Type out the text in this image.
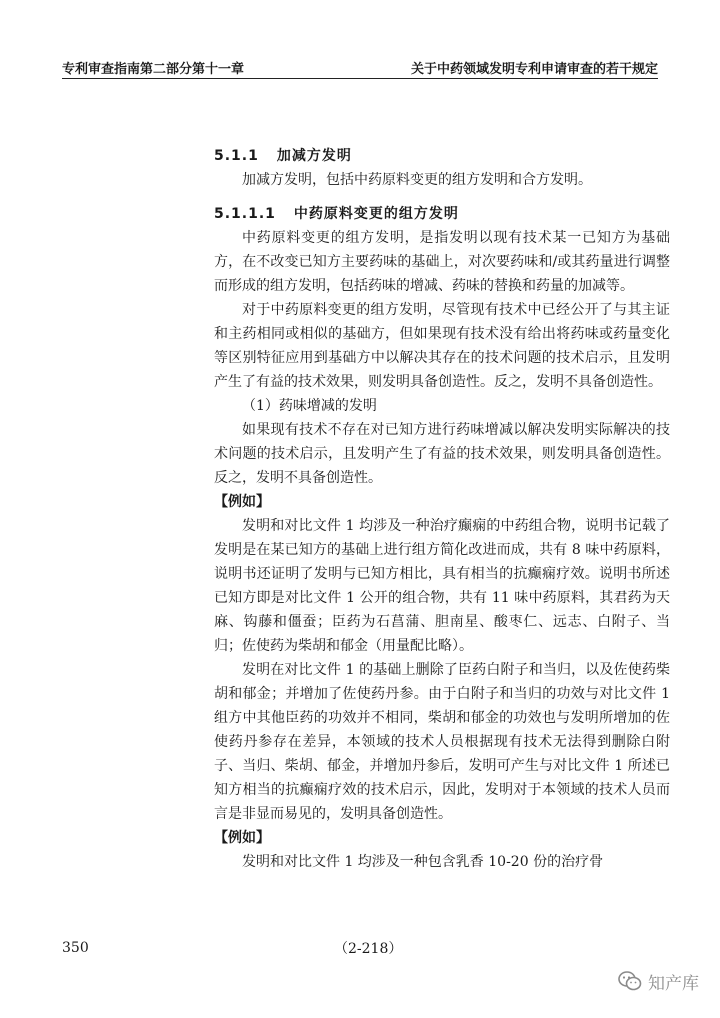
专利审查指南第二部分第十一章	关于中药领域发明专利申请审查的若干规定

5.1.1 加减方发明

加减方发明，包括中药原料变更的组方发明和合方发明。

5.1.1.1 中药原料变更的组方发明

中药原料变更的组方发明，是指发明以现有技术某一已知方为基础方，在不改变已知方主要药味的基础上，对次要药味和/或其药量进行调整而形成的组方发明，包括药味的增减、药味的替换和药量的加减等。

对于中药原料变更的组方发明，尽管现有技术中已经公开了与其主证和主药相同或相似的基础方，但如果现有技术没有给出将药味或药量变化等区别特征应用到基础方中以解决其存在的技术问题的技术启示，且发明产生了有益的技术效果，则发明具备创造性。反之，发明不具备创造性。

（1）药味增减的发明

如果现有技术不存在对已知方进行药味增减以解决发明实际解决的技术问题的技术启示，且发明产生了有益的技术效果，则发明具备创造性。反之，发明不具备创造性。

【例如】

发明和对比文件 1 均涉及一种治疗癫痫的中药组合物，说明书记载了发明是在某已知方的基础上进行组方简化改进而成，共有 8 味中药原料，说明书还证明了发明与已知方相比，具有相当的抗癫痫疗效。说明书所述已知方即是对比文件 1 公开的组合物，共有 11 味中药原料，其君药为天麻、钩藤和僵蚕；臣药为石菖蒲、胆南星、酸枣仁、远志、白附子、当归；佐使药为柴胡和郁金（用量配比略）。

发明在对比文件 1 的基础上删除了臣药白附子和当归，以及佐使药柴胡和郁金；并增加了佐使药丹参。由于白附子和当归的功效与对比文件 1 组方中其他臣药的功效并不相同，柴胡和郁金的功效也与发明所增加的佐使药丹参存在差异，本领域的技术人员根据现有技术无法得到删除白附子、当归、柴胡、郁金，并增加丹参后，发明可产生与对比文件 1 所述已知方相当的抗癫痫疗效的技术启示，因此，发明对于本领域的技术人员而言是非显而易见的，发明具备创造性。

【例如】

发明和对比文件 1 均涉及一种包含乳香 10-20 份的治疗骨

350	（2-218）
知产库
